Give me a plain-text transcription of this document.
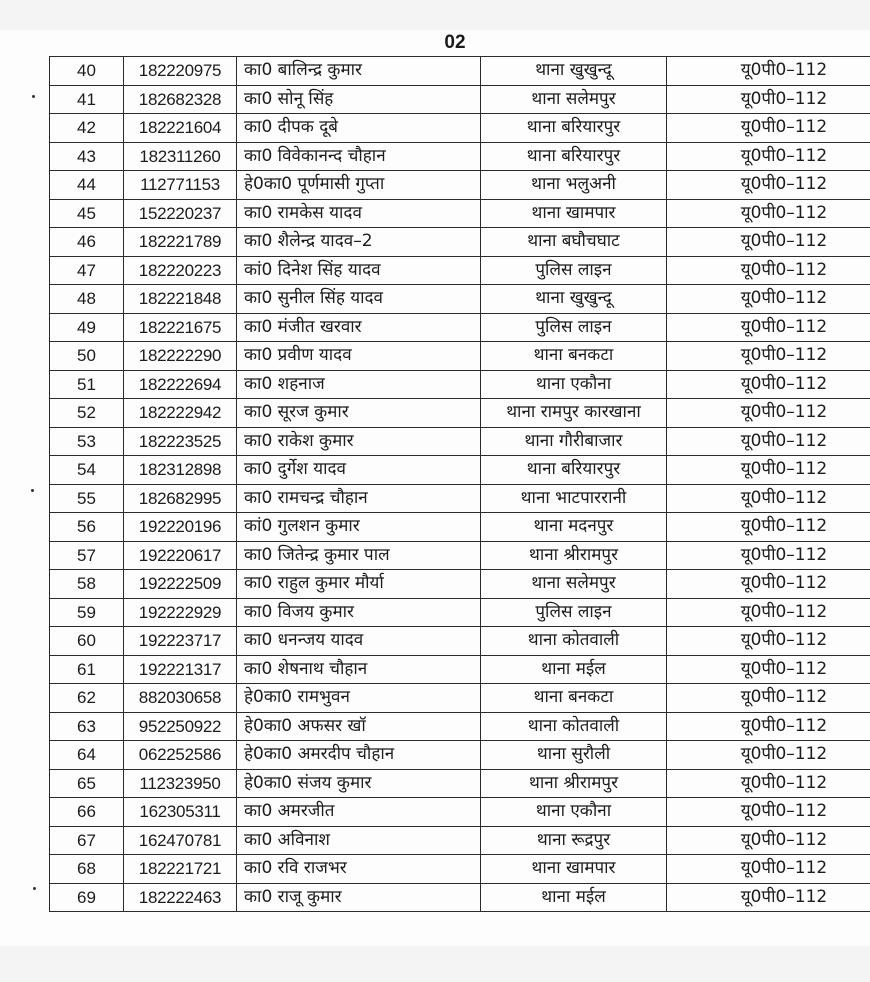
02
40	182220975	का0 बालिन्द्र कुमार	थाना खुखुन्दू	यू0पी0–112
41	182682328	का0 सोनू सिंह	थाना सलेमपुर	यू0पी0–112
42	182221604	का0 दीपक दूबे	थाना बरियारपुर	यू0पी0–112
43	182311260	का0 विवेकानन्द चौहान	थाना बरियारपुर	यू0पी0–112
44	112771153	हे0का0 पूर्णमासी गुप्ता	थाना भलुअनी	यू0पी0–112
45	152220237	का0 रामकेस यादव	थाना खामपार	यू0पी0–112
46	182221789	का0 शैलेन्द्र यादव–2	थाना बघौचघाट	यू0पी0–112
47	182220223	कां0 दिनेश सिंह यादव	पुलिस लाइन	यू0पी0–112
48	182221848	का0 सुनील सिंह यादव	थाना खुखुन्दू	यू0पी0–112
49	182221675	का0 मंजीत खरवार	पुलिस लाइन	यू0पी0–112
50	182222290	का0 प्रवीण यादव	थाना बनकटा	यू0पी0–112
51	182222694	का0 शहनाज	थाना एकौना	यू0पी0–112
52	182222942	का0 सूरज कुमार	थाना रामपुर कारखाना	यू0पी0–112
53	182223525	का0 राकेश कुमार	थाना गौरीबाजार	यू0पी0–112
54	182312898	का0 दुर्गेश यादव	थाना बरियारपुर	यू0पी0–112
55	182682995	का0 रामचन्द्र चौहान	थाना भाटपाररानी	यू0पी0–112
56	192220196	कां0 गुलशन कुमार	थाना मदनपुर	यू0पी0–112
57	192220617	का0 जितेन्द्र कुमार पाल	थाना श्रीरामपुर	यू0पी0–112
58	192222509	का0 राहुल कुमार मौर्या	थाना सलेमपुर	यू0पी0–112
59	192222929	का0 विजय कुमार	पुलिस लाइन	यू0पी0–112
60	192223717	का0 धनन्जय यादव	थाना कोतवाली	यू0पी0–112
61	192221317	का0 शेषनाथ चौहान	थाना मईल	यू0पी0–112
62	882030658	हे0का0 रामभुवन	थाना बनकटा	यू0पी0–112
63	952250922	हे0का0 अफसर खॉ	थाना कोतवाली	यू0पी0–112
64	062252586	हे0का0 अमरदीप चौहान	थाना सुरौली	यू0पी0–112
65	112323950	हे0का0 संजय कुमार	थाना श्रीरामपुर	यू0पी0–112
66	162305311	का0 अमरजीत	थाना एकौना	यू0पी0–112
67	162470781	का0 अविनाश	थाना रूद्रपुर	यू0पी0–112
68	182221721	का0 रवि राजभर	थाना खामपार	यू0पी0–112
69	182222463	का0 राजू कुमार	थाना मईल	यू0पी0–112
